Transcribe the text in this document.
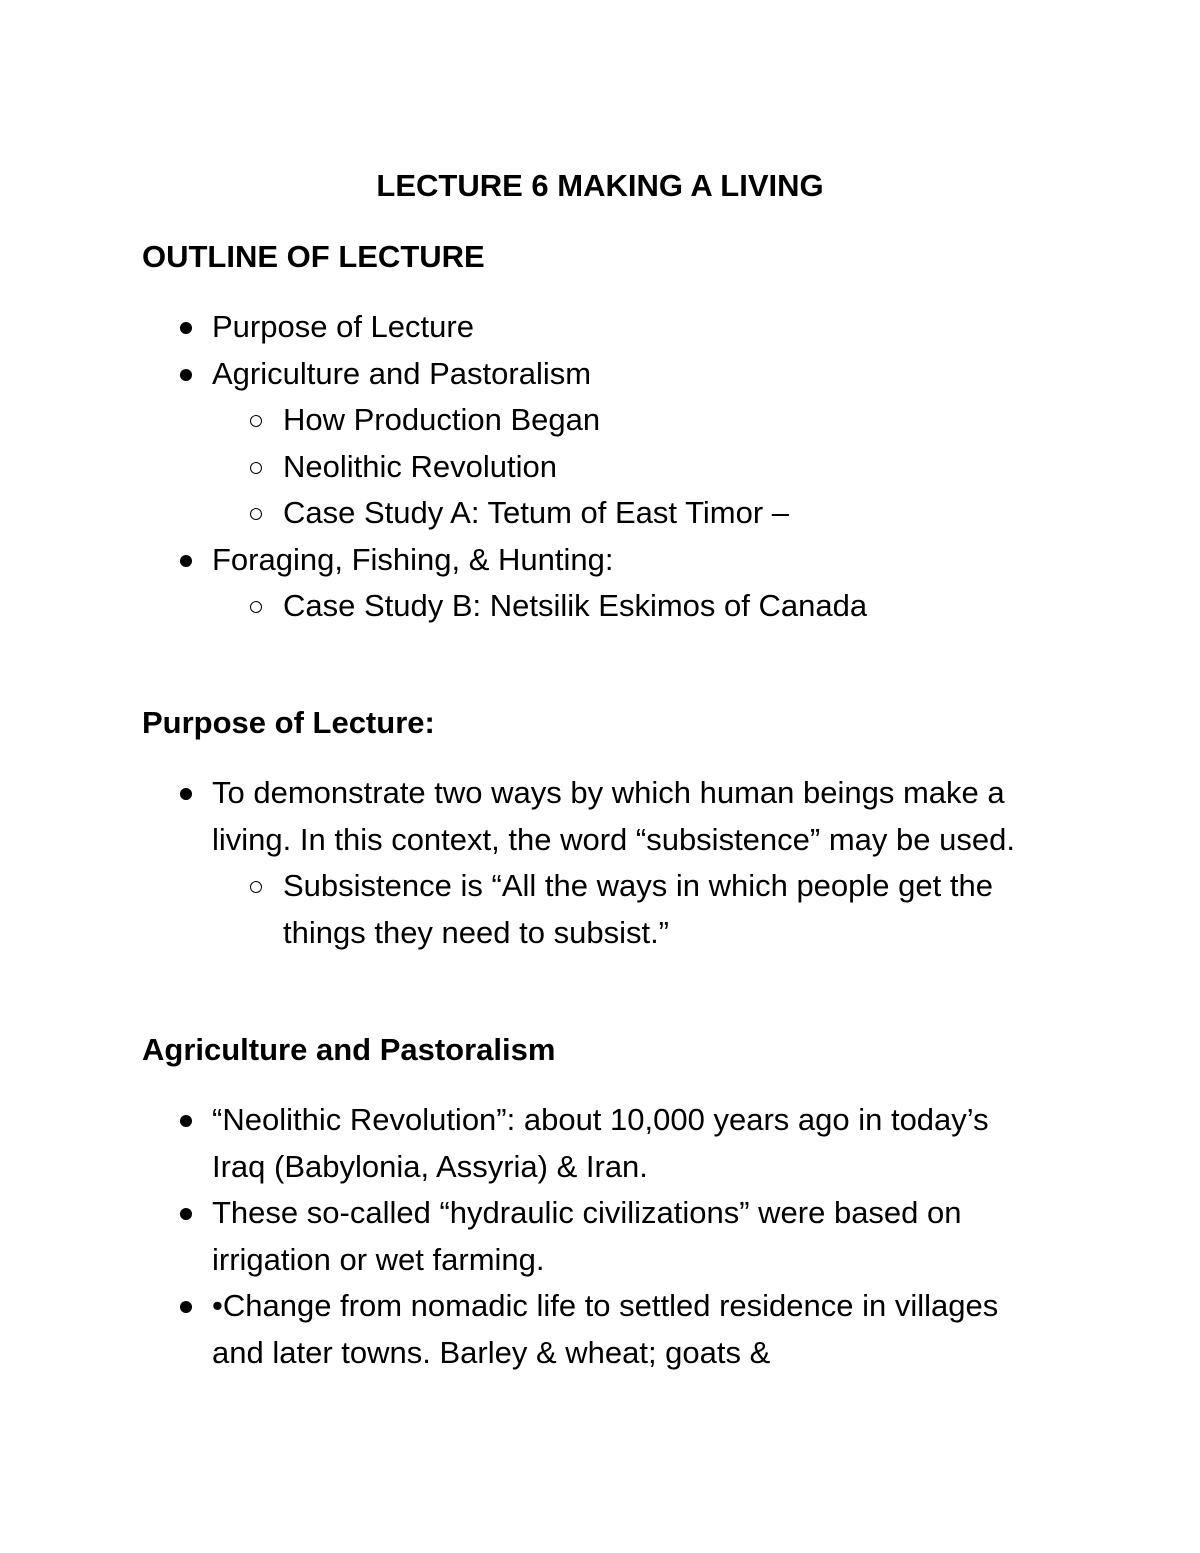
LECTURE 6 MAKING A LIVING
OUTLINE OF LECTURE
Purpose of Lecture
Agriculture and Pastoralism
How Production Began
Neolithic Revolution
Case Study A: Tetum of East Timor –
Foraging, Fishing, & Hunting:
Case Study B: Netsilik Eskimos of Canada
Purpose of Lecture:
To demonstrate two ways by which human beings make a living. In this context, the word “subsistence” may be used.
Subsistence is “All the ways in which people get the things they need to subsist.”
Agriculture and Pastoralism
“Neolithic Revolution”: about 10,000 years ago in today’s Iraq (Babylonia, Assyria) & Iran.
These so-called “hydraulic civilizations” were based on irrigation or wet farming.
•Change from nomadic life to settled residence in villages and later towns. Barley & wheat; goats &
